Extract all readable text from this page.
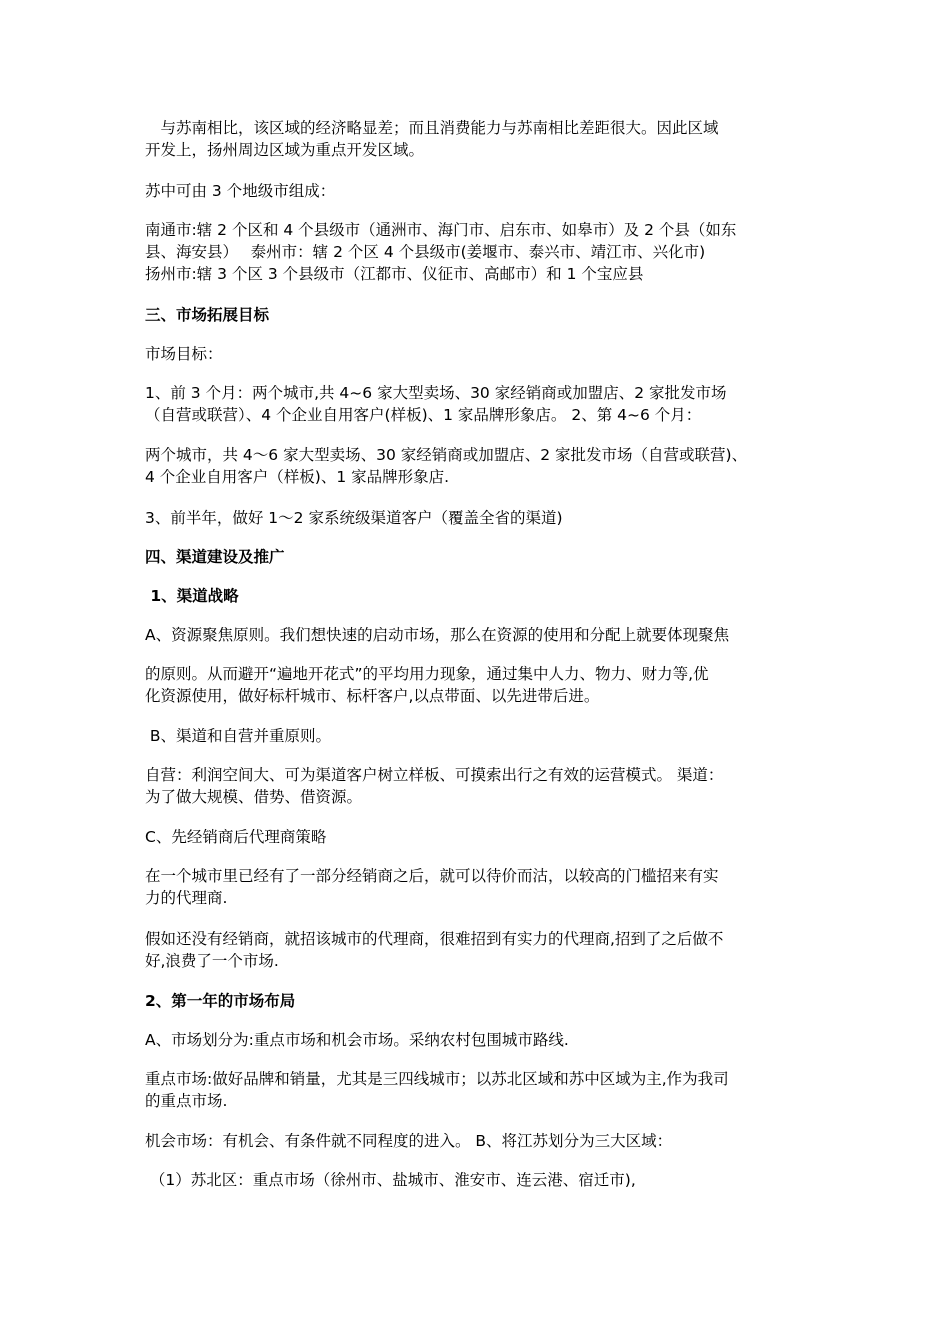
　与苏南相比，该区域的经济略显差；而且消费能力与苏南相比差距很大。因此区域
开发上，扬州周边区域为重点开发区域。
苏中可由 3 个地级市组成：
南通市:辖 2 个区和 4 个县级市（通洲市、海门市、启东市、如皋市）及 2 个县（如东
县、海安县）　 泰州市：辖 2 个区 4 个县级市(姜堰市、泰兴市、靖江市、兴化市)
扬州市:辖 3 个区 3 个县级市（江都市、仪征市、高邮市）和 1 个宝应县
三、市场拓展目标
市场目标：
1、前 3 个月：两个城市,共 4~6 家大型卖场、30 家经销商或加盟店、2 家批发市场
（自营或联营）、4 个企业自用客户(样板)、1 家品牌形象店。 2、第 4~6 个月：
两个城市，共 4～6 家大型卖场、30 家经销商或加盟店、2 家批发市场（自营或联营)、
4 个企业自用客户（样板)、1 家品牌形象店.
3、前半年，做好 1～2 家系统级渠道客户（覆盖全省的渠道)
四、渠道建设及推广
1、渠道战略
A、资源聚焦原则。我们想快速的启动市场，那么在资源的使用和分配上就要体现聚焦
的原则。从而避开“遍地开花式”的平均用力现象，通过集中人力、物力、财力等,优
化资源使用，做好标杆城市、标杆客户,以点带面、以先进带后进。
B、渠道和自营并重原则。
自营：利润空间大、可为渠道客户树立样板、可摸索出行之有效的运营模式。 渠道：
为了做大规模、借势、借资源。
C、先经销商后代理商策略
在一个城市里已经有了一部分经销商之后，就可以待价而沽，以较高的门槛招来有实
力的代理商.
假如还没有经销商，就招该城市的代理商，很难招到有实力的代理商,招到了之后做不
好,浪费了一个市场.
2、第一年的市场布局
A、市场划分为:重点市场和机会市场。采纳农村包围城市路线.
重点市场:做好品牌和销量，尤其是三四线城市；以苏北区域和苏中区域为主,作为我司
的重点市场.
机会市场：有机会、有条件就不同程度的进入。 B、将江苏划分为三大区域：
（1）苏北区：重点市场（徐州市、盐城市、淮安市、连云港、宿迁市),
